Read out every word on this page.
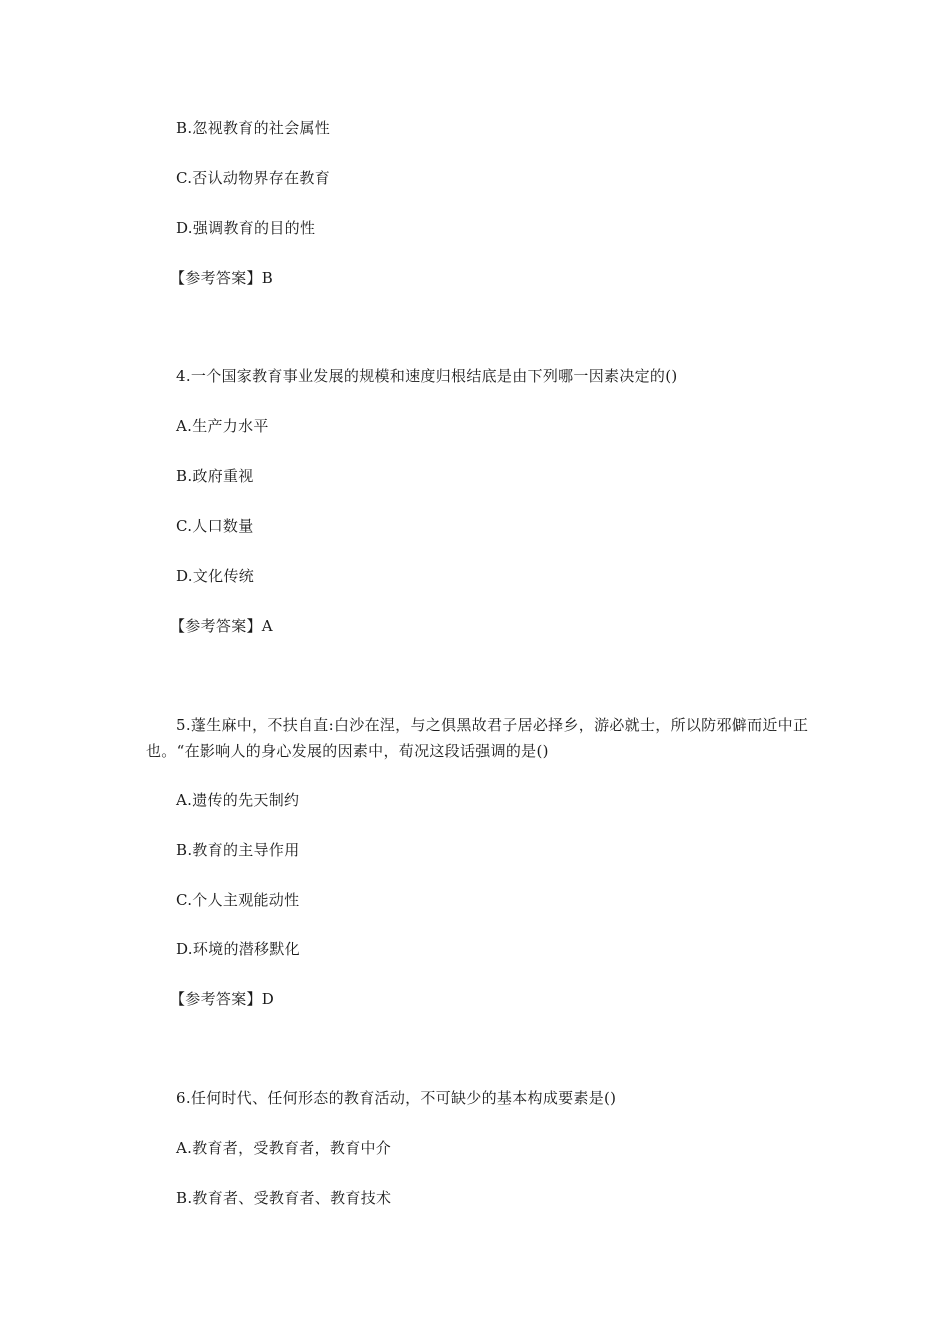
B.忽视教育的社会属性
C.否认动物界存在教育
D.强调教育的目的性
【参考答案】B
4.一个国家教育事业发展的规模和速度归根结底是由下列哪一因素决定的()
A.生产力水平
B.政府重视
C.人口数量
D.文化传统
【参考答案】A
5.蓬生麻中，不扶自直:白沙在涅，与之俱黑故君子居必择乡，游必就士，所以防邪僻而近中正也。“在影响人的身心发展的因素中，荀况这段话强调的是()
A.遗传的先天制约
B.教育的主导作用
C.个人主观能动性
D.环境的潜移默化
【参考答案】D
6.任何时代、任何形态的教育活动，不可缺少的基本构成要素是()
A.教育者，受教育者，教育中介
B.教育者、受教育者、教育技术
